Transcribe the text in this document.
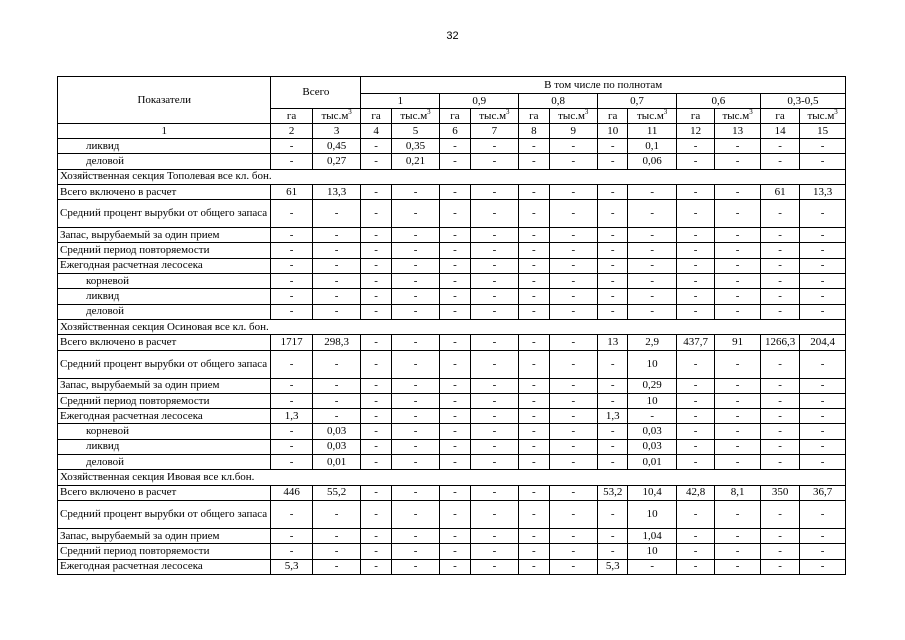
32
Показатели	Всего		В том числе по полнотам											
			1		0,9		0,8		0,7		0,6		0,3-0,5	
	га	$тыс.м^3$	га	$тыс.м^3$	га	$тыс.м^3$	га	$тыс.м^3$	га	$тыс.м^3$	га	$тыс.м^3$	га	$тыс.м^3$
1	2	3	4	5	6	7	8	9	10	11	12	13	14	15
ликвид	-	0,45	-	0,35	-	-	-	-	-	0,1	-	-	-	-
деловой	-	0,27	-	0,21	-	-	-	-	-	0,06	-	-	-	-
Хозяйственная секция Тополевая все кл. бон.														
Всего включено в расчет	61	13,3	-	-	-	-	-	-	-	-	-	-	61	13,3
Средний процент вырубки от общего запаса	-	-	-	-	-	-	-	-	-	-	-	-	-	-
Запас, вырубаемый за один прием	-	-	-	-	-	-	-	-	-	-	-	-	-	-
Средний период повторяемости	-	-	-	-	-	-	-	-	-	-	-	-	-	-
Ежегодная расчетная лесосека	-	-	-	-	-	-	-	-	-	-	-	-	-	-
корневой	-	-	-	-	-	-	-	-	-	-	-	-	-	-
ликвид	-	-	-	-	-	-	-	-	-	-	-	-	-	-
деловой	-	-	-	-	-	-	-	-	-	-	-	-	-	-
Хозяйственная секция Осиновая все кл. бон.														
Всего включено в расчет	1717	298,3	-	-	-	-	-	-	13	2,9	437,7	91	1266,3	204,4
Средний процент вырубки от общего запаса	-	-	-	-	-	-	-	-	-	10	-	-	-	-
Запас, вырубаемый за один прием	-	-	-	-	-	-	-	-	-	0,29	-	-	-	-
Средний период повторяемости	-	-	-	-	-	-	-	-	-	10	-	-	-	-
Ежегодная расчетная лесосека	1,3	-	-	-	-	-	-	-	1,3	-	-	-	-	-
корневой	-	0,03	-	-	-	-	-	-	-	0,03	-	-	-	-
ликвид	-	0,03	-	-	-	-	-	-	-	0,03	-	-	-	-
деловой	-	0,01	-	-	-	-	-	-	-	0,01	-	-	-	-
Хозяйственная секция Ивовая все кл.бон.														
Всего включено в расчет	446	55,2	-	-	-	-	-	-	53,2	10,4	42,8	8,1	350	36,7
Средний процент вырубки от общего запаса	-	-	-	-	-	-	-	-	-	10	-	-	-	-
Запас, вырубаемый за один прием	-	-	-	-	-	-	-	-	-	1,04	-	-	-	-
Средний период повторяемости	-	-	-	-	-	-	-	-	-	10	-	-	-	-
Ежегодная расчетная лесосека	5,3	-	-	-	-	-	-	-	5,3	-	-	-	-	-
